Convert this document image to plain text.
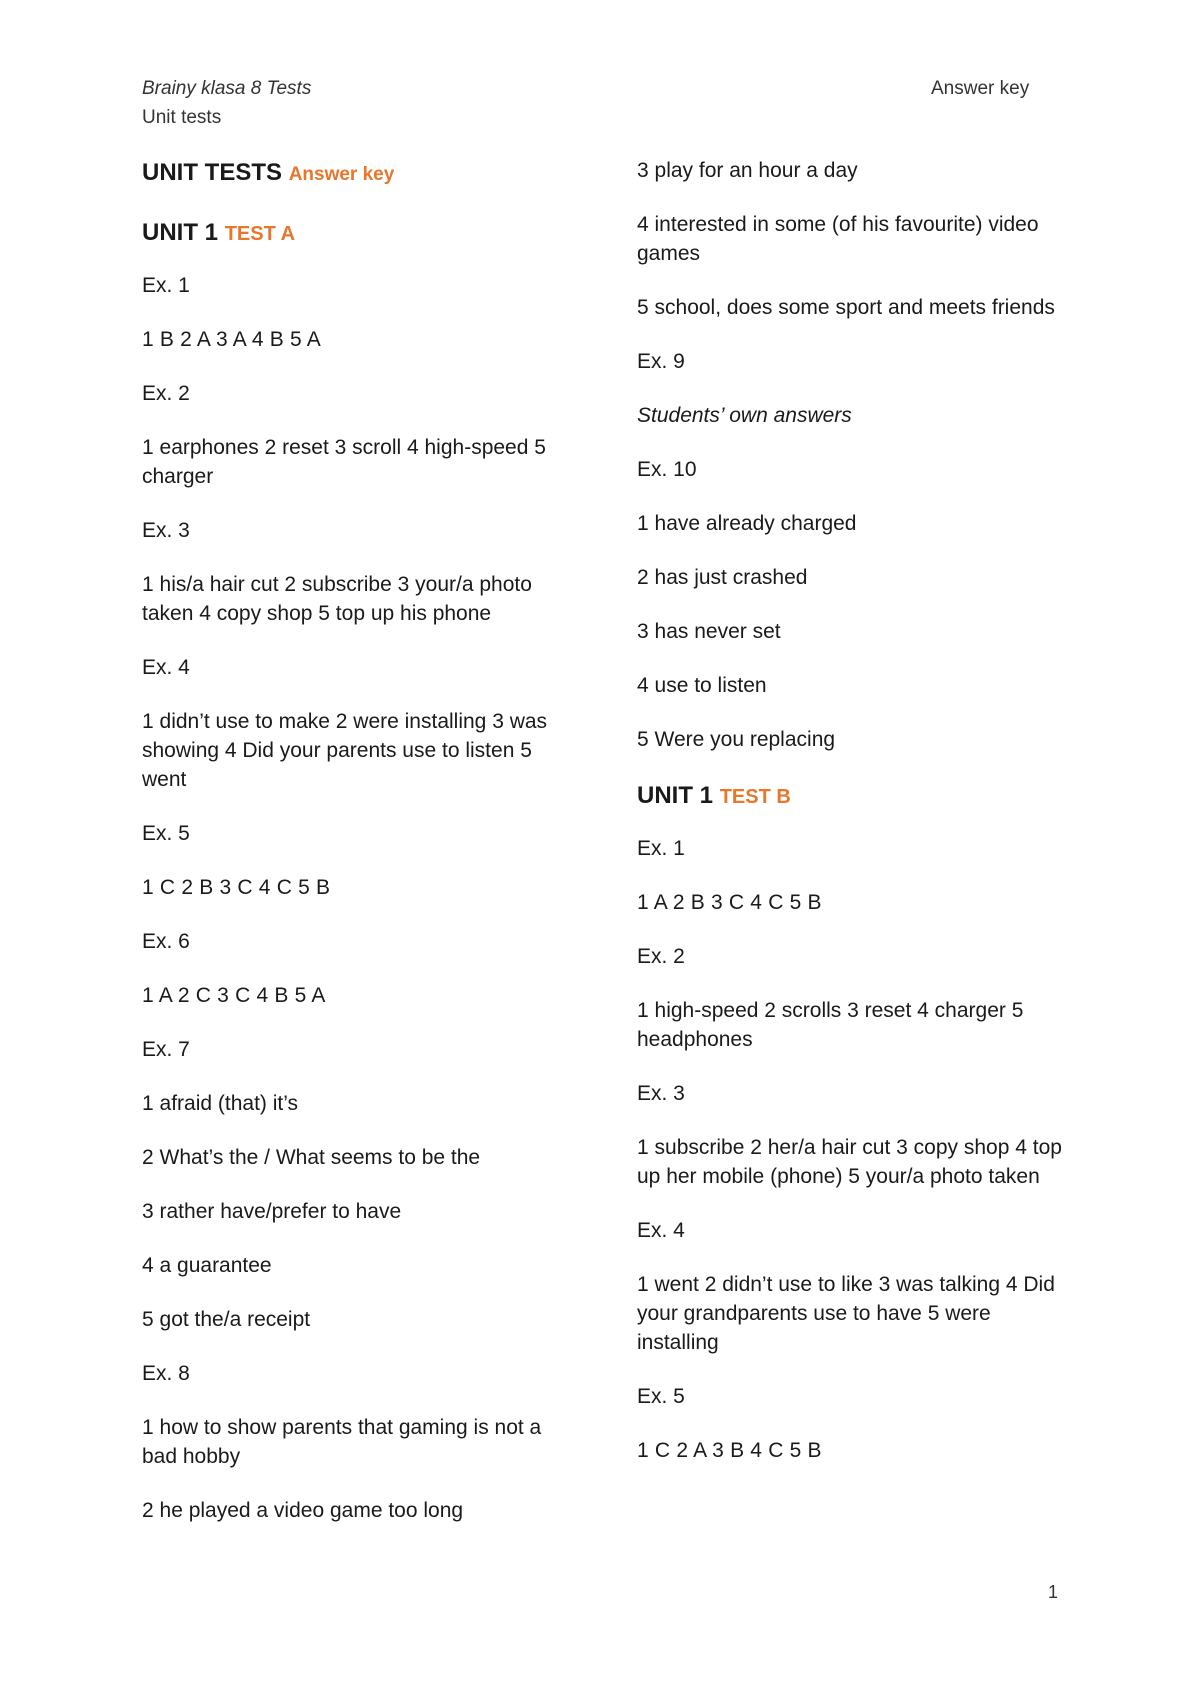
Brainy klasa 8 Tests
Unit tests
Answer key
UNIT TESTS Answer key
UNIT 1 TEST A
Ex. 1
1 B 2 A 3 A 4 B 5 A
Ex. 2
1 earphones 2 reset 3 scroll 4 high-speed 5 charger
Ex. 3
1 his/a hair cut 2 subscribe 3 your/a photo taken 4 copy shop 5 top up his phone
Ex. 4
1 didn’t use to make 2 were installing 3 was showing 4 Did your parents use to listen 5 went
Ex. 5
1 C 2 B 3 C 4 C 5 B
Ex. 6
1 A 2 C 3 C 4 B 5 A
Ex. 7
1 afraid (that) it’s
2 What’s the / What seems to be the
3 rather have/prefer to have
4 a guarantee
5 got the/a receipt
Ex. 8
1 how to show parents that gaming is not a bad hobby
2 he played a video game too long
3 play for an hour a day
4 interested in some (of his favourite) video games
5 school, does some sport and meets friends
Ex. 9
Students’ own answers
Ex. 10
1 have already charged
2 has just crashed
3 has never set
4 use to listen
5 Were you replacing
UNIT 1 TEST B
Ex. 1
1 A 2 B 3 C 4 C 5 B
Ex. 2
1 high-speed 2 scrolls 3 reset 4 charger 5 headphones
Ex. 3
1 subscribe 2 her/a hair cut 3 copy shop 4 top up her mobile (phone) 5 your/a photo taken
Ex. 4
1 went 2 didn’t use to like 3 was talking 4 Did your grandparents use to have 5 were installing
Ex. 5
1 C 2 A 3 B 4 C 5 B
1
